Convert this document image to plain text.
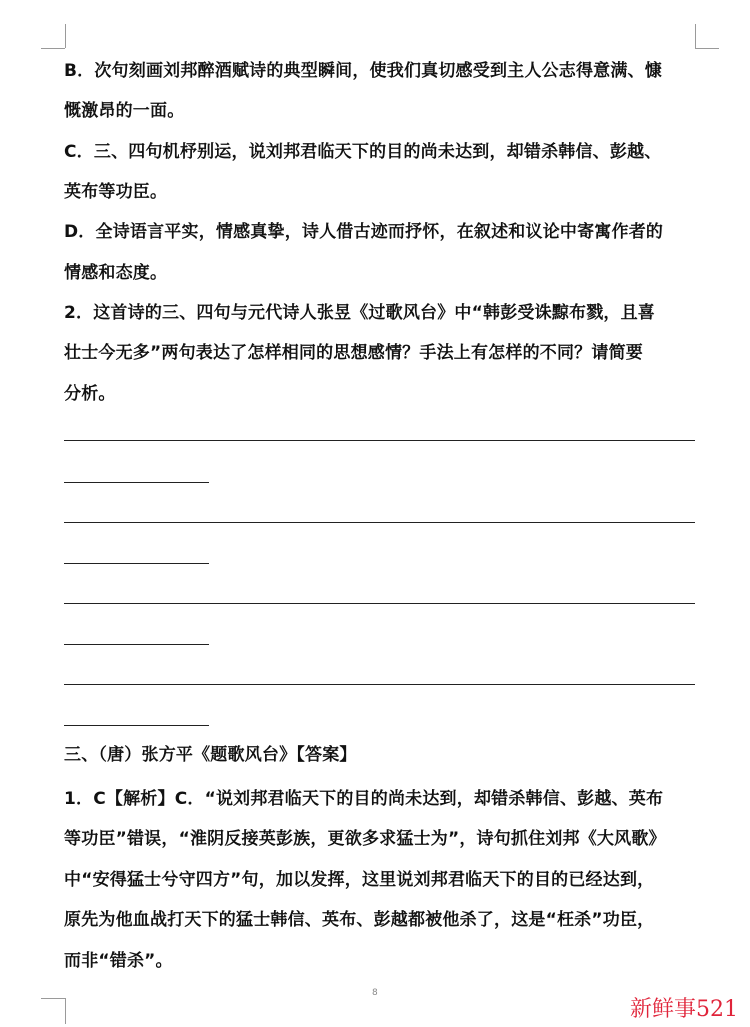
B．次句刻画刘邦醉酒赋诗的典型瞬间，使我们真切感受到主人公志得意满、慷
慨激昂的一面。
C．三、四句机杼别运，说刘邦君临天下的目的尚未达到，却错杀韩信、彭越、
英布等功臣。
D．全诗语言平实，情感真挚，诗人借古迹而抒怀，在叙述和议论中寄寓作者的
情感和态度。
2．这首诗的三、四句与元代诗人张昱《过歌风台》中“韩彭受诛黥布戮，且喜
壮士今无多”两句表达了怎样相同的思想感情？手法上有怎样的不同？请简要
分析。
三、（唐）张方平《题歌风台》【答案】
1．C【解析】C．“说刘邦君临天下的目的尚未达到，却错杀韩信、彭越、英布
等功臣”错误，“淮阴反接英彭族，更欲多求猛士为”，诗句抓住刘邦《大风歌》
中“安得猛士兮守四方”句，加以发挥，这里说刘邦君临天下的目的已经达到，
原先为他血战打天下的猛士韩信、英布、彭越都被他杀了，这是“枉杀”功臣，
而非“错杀”。
8
新鲜事521
